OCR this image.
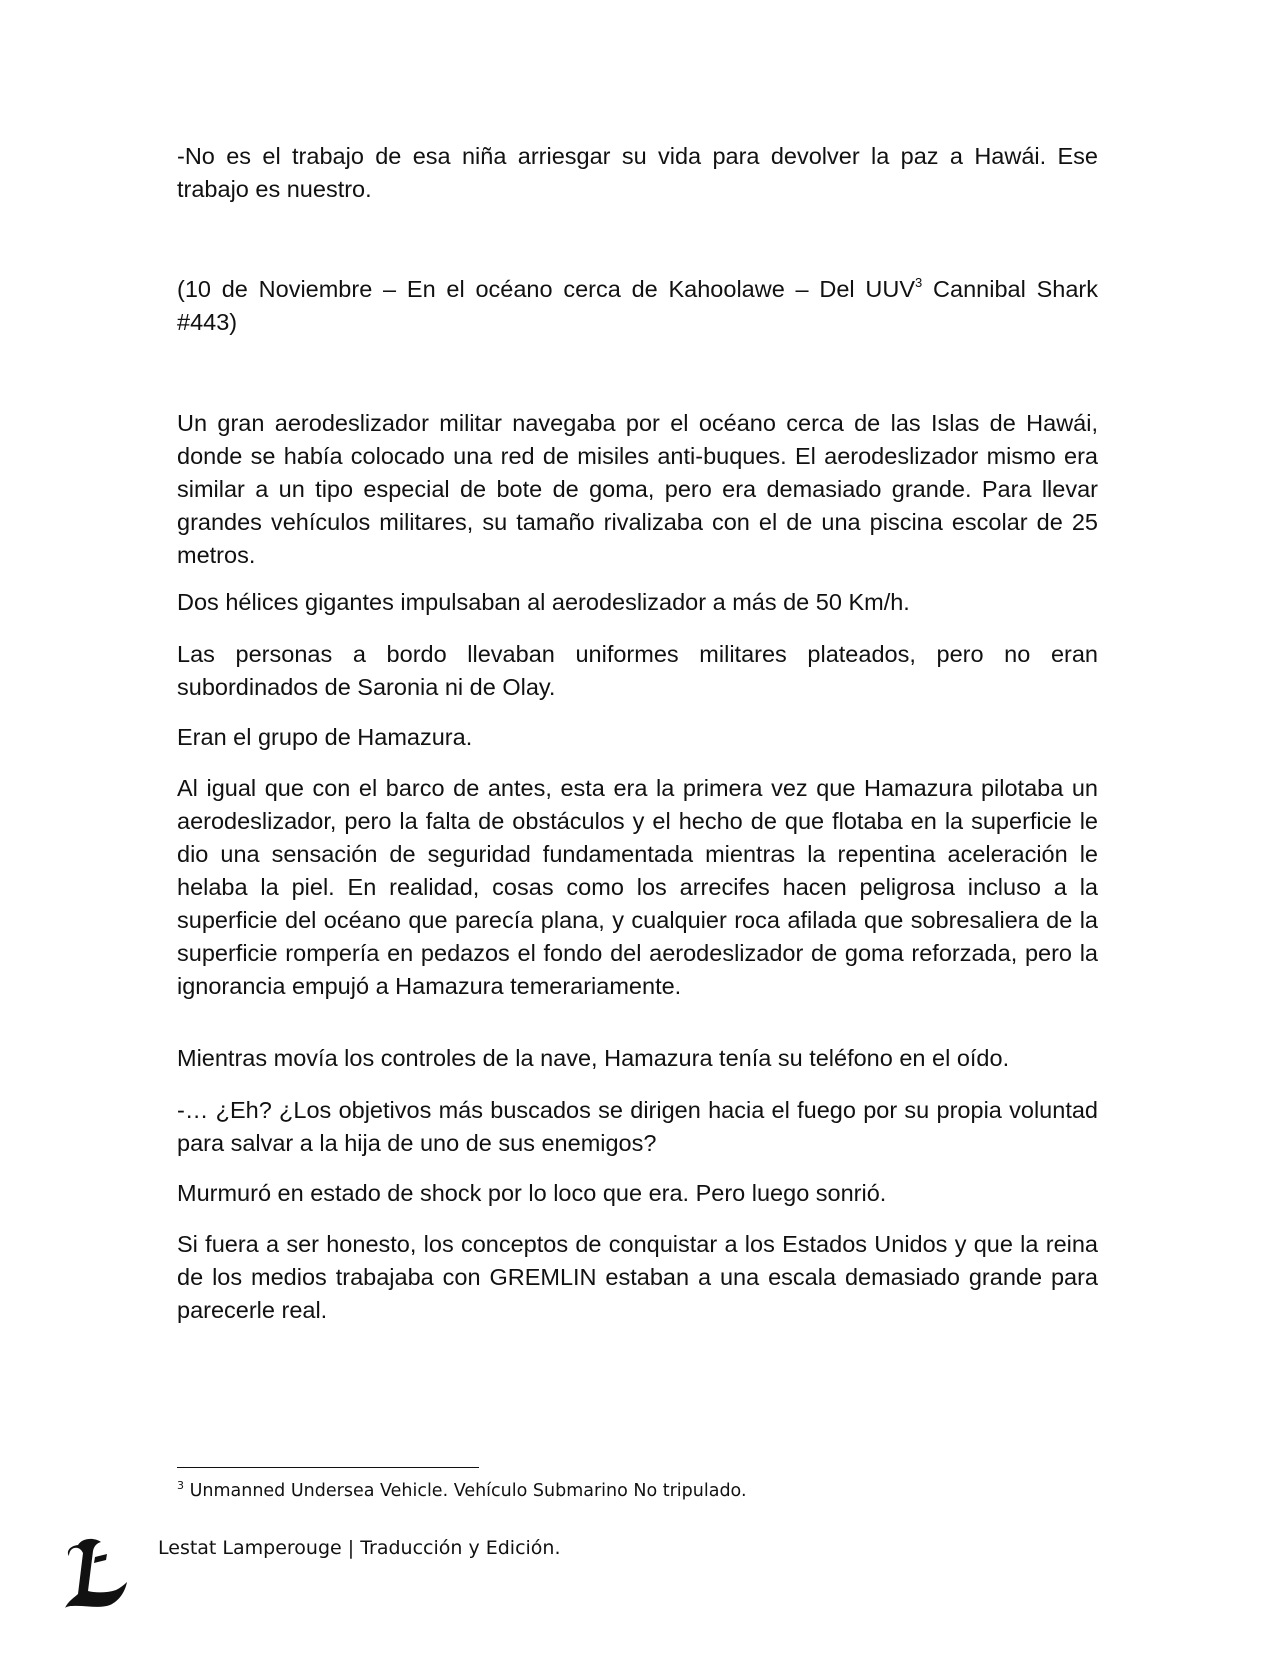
-No es el trabajo de esa niña arriesgar su vida para devolver la paz a Hawái. Ese trabajo es nuestro.

(10 de Noviembre – En el océano cerca de Kahoolawe – Del UUV$^3$ Cannibal Shark #443)

Un gran aerodeslizador militar navegaba por el océano cerca de las Islas de Hawái, donde se había colocado una red de misiles anti-buques. El aerodeslizador mismo era similar a un tipo especial de bote de goma, pero era demasiado grande. Para llevar grandes vehículos militares, su tamaño rivalizaba con el de una piscina escolar de 25 metros.

Dos hélices gigantes impulsaban al aerodeslizador a más de 50 Km/h.

Las personas a bordo llevaban uniformes militares plateados, pero no eran subordinados de Saronia ni de Olay.

Eran el grupo de Hamazura.

Al igual que con el barco de antes, esta era la primera vez que Hamazura pilotaba un aerodeslizador, pero la falta de obstáculos y el hecho de que flotaba en la superficie le dio una sensación de seguridad fundamentada mientras la repentina aceleración le helaba la piel. En realidad, cosas como los arrecifes hacen peligrosa incluso a la superficie del océano que parecía plana, y cualquier roca afilada que sobresaliera de la superficie rompería en pedazos el fondo del aerodeslizador de goma reforzada, pero la ignorancia empujó a Hamazura temerariamente.

Mientras movía los controles de la nave, Hamazura tenía su teléfono en el oído.

-… ¿Eh? ¿Los objetivos más buscados se dirigen hacia el fuego por su propia voluntad para salvar a la hija de uno de sus enemigos?

Murmuró en estado de shock por lo loco que era. Pero luego sonrió.

Si fuera a ser honesto, los conceptos de conquistar a los Estados Unidos y que la reina de los medios trabajaba con GREMLIN estaban a una escala demasiado grande para parecerle real.

$^3$ Unmanned Undersea Vehicle. Vehículo Submarino No tripulado.
Lestat Lamperouge | Traducción y Edición.
